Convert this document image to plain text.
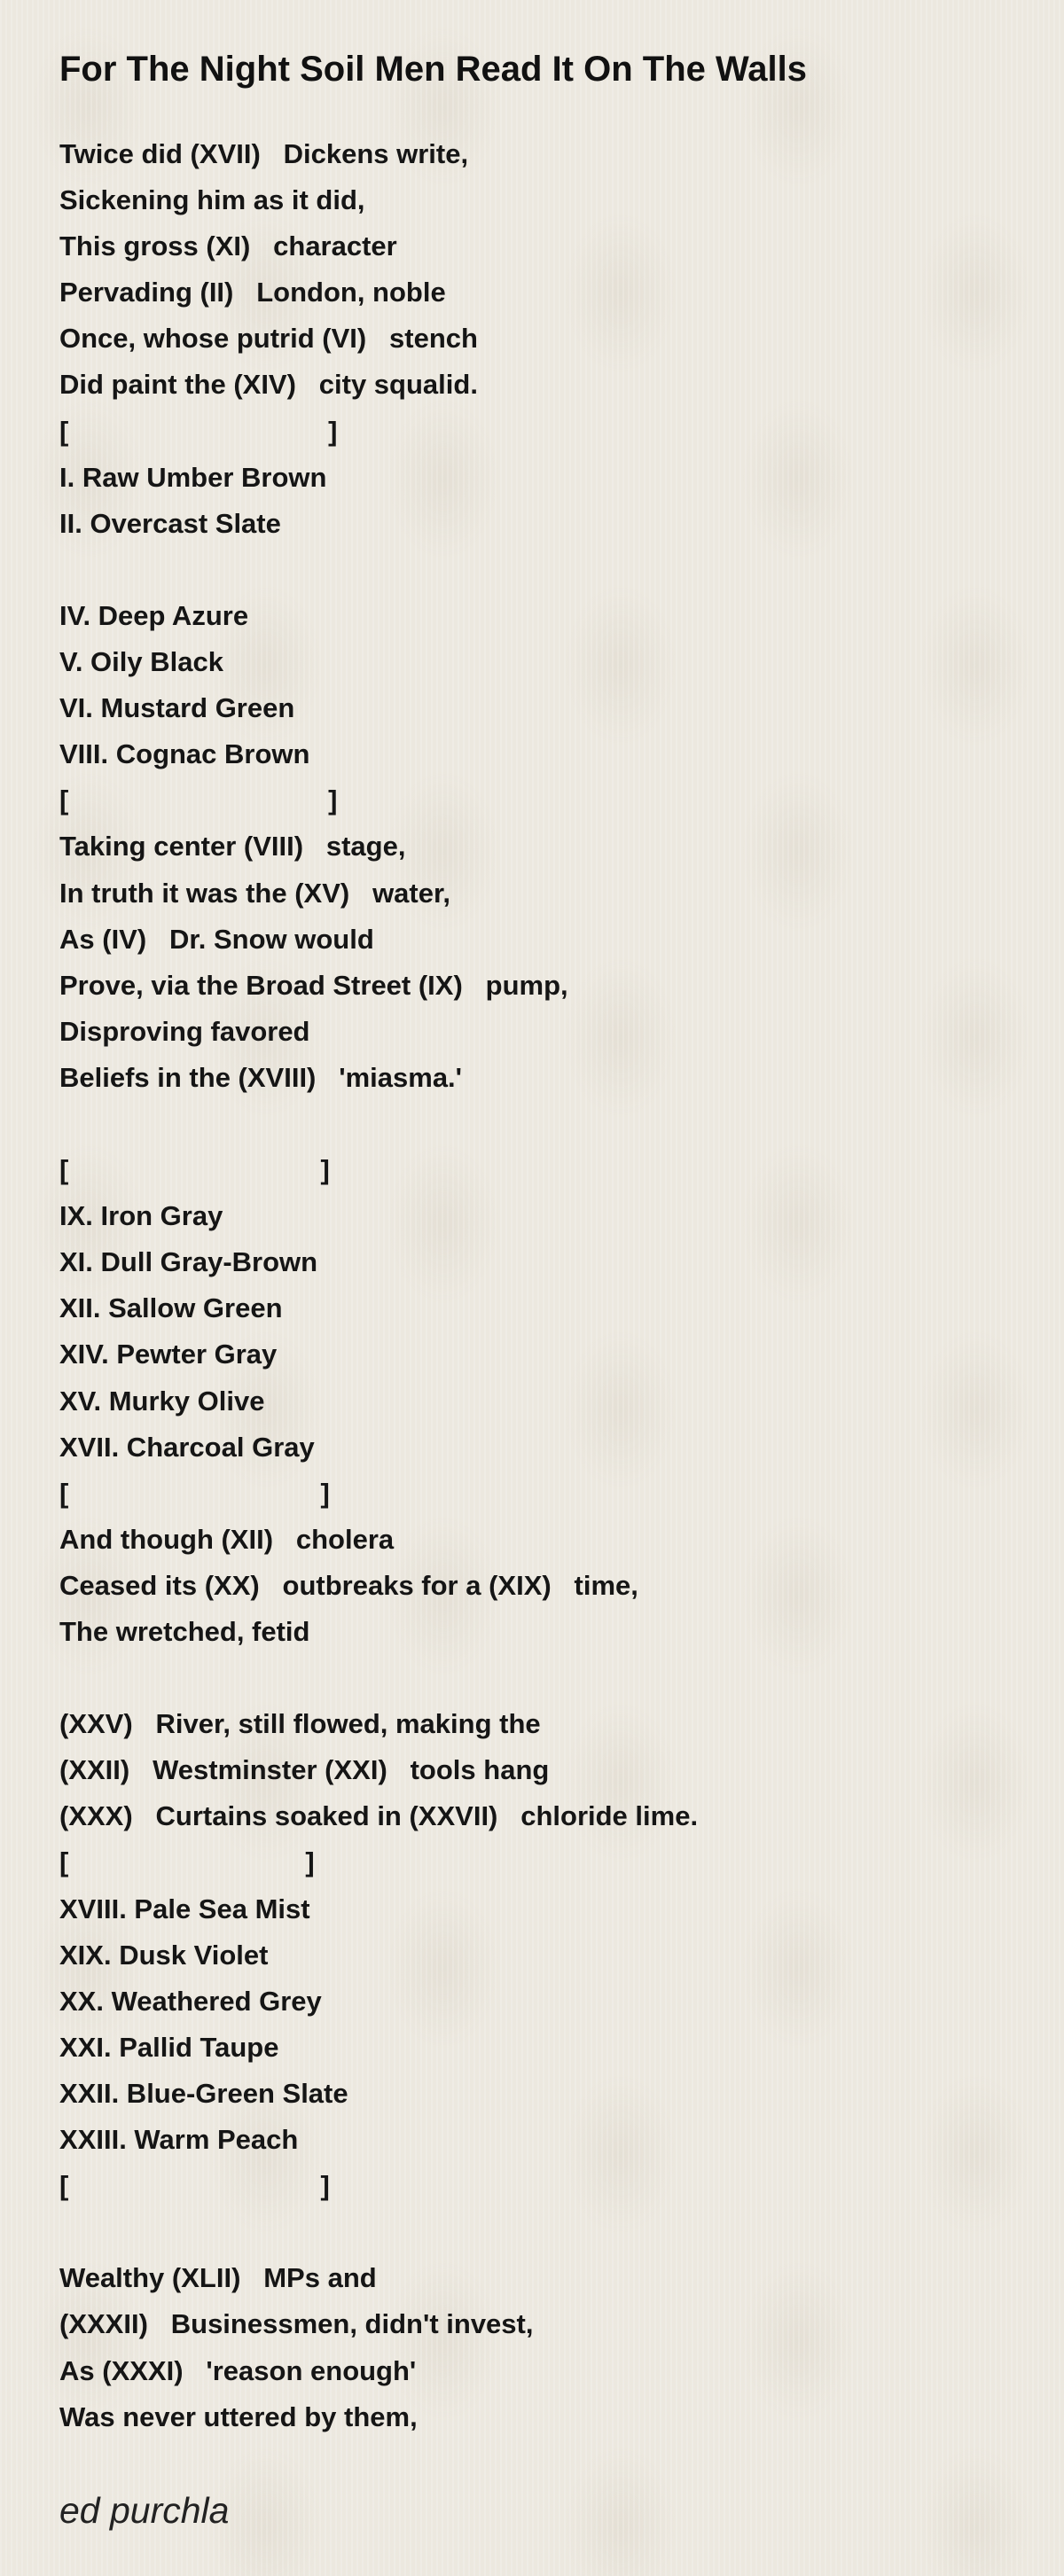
For The Night Soil Men Read It On The Walls
Twice did (XVII)   Dickens write,
Sickening him as it did,
This gross (XI)   character
Pervading (II)   London, noble
Once, whose putrid (VI)   stench
Did paint the (XIV)   city squalid.
[                                  ]
I. Raw Umber Brown
II. Overcast Slate
IV. Deep Azure
V. Oily Black
VI. Mustard Green
VIII. Cognac Brown
[                                  ]
Taking center (VIII)   stage,
In truth it was the (XV)   water,
As (IV)   Dr. Snow would
Prove, via the Broad Street (IX)   pump,
Disproving favored
Beliefs in the (XVIII)   'miasma.'
[                                 ]
IX. Iron Gray
XI. Dull Gray-Brown
XII. Sallow Green
XIV. Pewter Gray
XV. Murky Olive
XVII. Charcoal Gray
[                                 ]
And though (XII)   cholera
Ceased its (XX)   outbreaks for a (XIX)   time,
The wretched, fetid
(XXV)   River, still flowed, making the
(XXII)   Westminster (XXI)   tools hang
(XXX)   Curtains soaked in (XXVII)   chloride lime.
[                               ]
XVIII. Pale Sea Mist
XIX. Dusk Violet
XX. Weathered Grey
XXI. Pallid Taupe
XXII. Blue-Green Slate
XXIII. Warm Peach
[                                 ]
Wealthy (XLII)   MPs and
(XXXII)   Businessmen, didn't invest,
As (XXXI)   'reason enough'
Was never uttered by them,
ed purchla
